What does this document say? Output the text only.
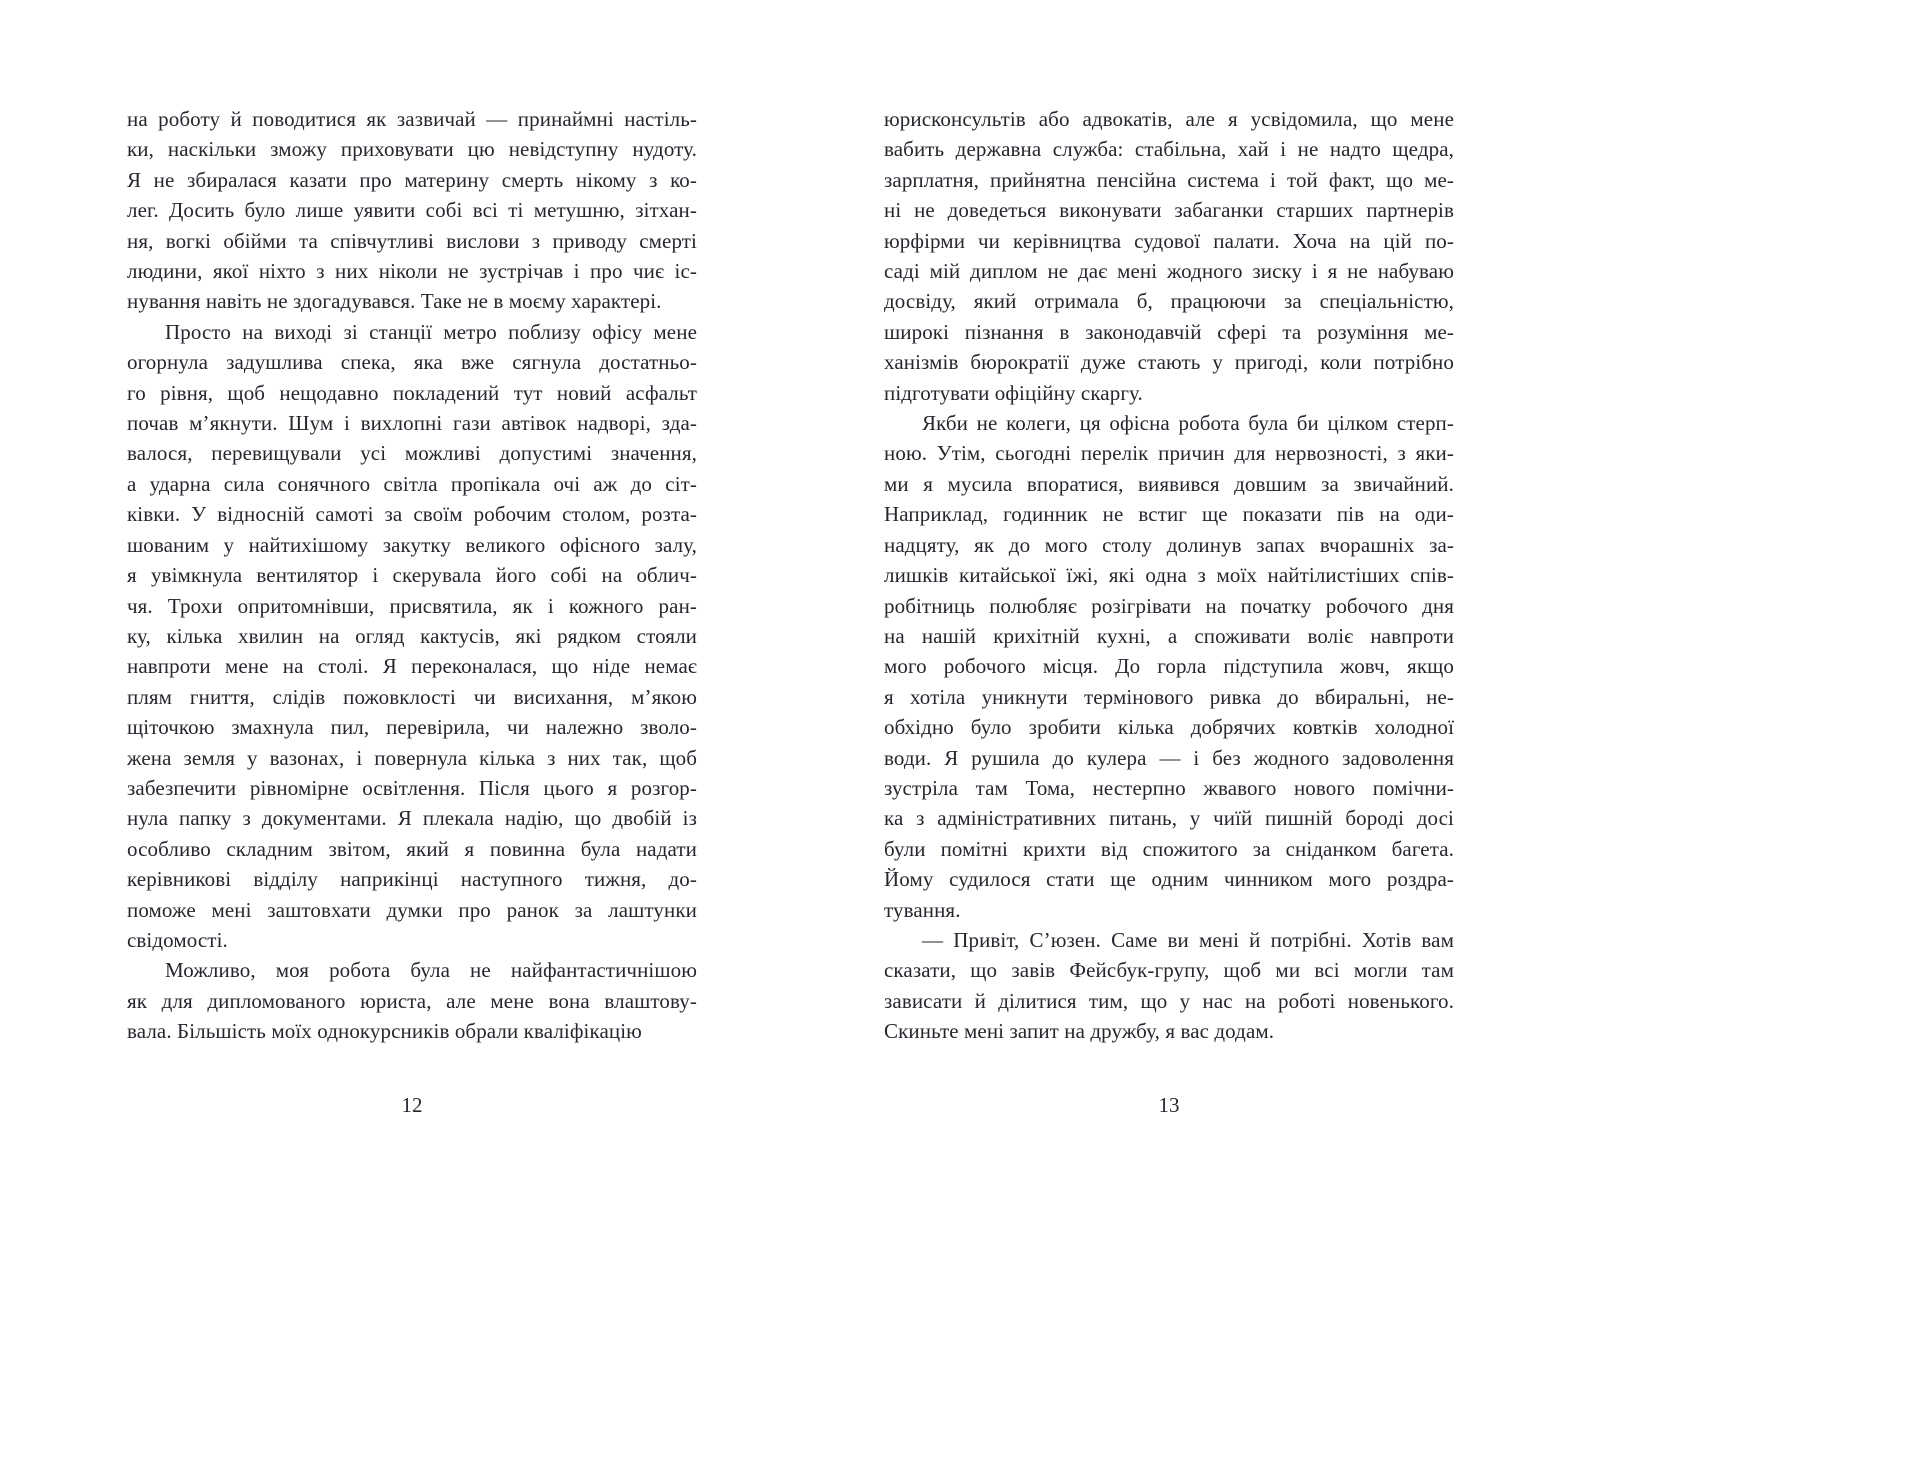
на роботу й поводитися як зазвичай — принаймні настіль-
ки, наскільки зможу приховувати цю невідступну нудоту.
Я не збиралася казати про материну смерть нікому з ко-
лег. Досить було лише уявити собі всі ті метушню, зітхан-
ня, вогкі обійми та співчутливі вислови з приводу смерті
людини, якої ніхто з них ніколи не зустрічав і про чиє іс-
нування навіть не здогадувався. Таке не в моєму характері.
Просто на виході зі станції метро поблизу офісу мене
огорнула задушлива спека, яка вже сягнула достатньо-
го рівня, щоб нещодавно покладений тут новий асфальт
почав м’якнути. Шум і вихлопні гази автівок надворі, зда-
валося, перевищували усі можливі допустимі значення,
а ударна сила сонячного світла пропікала очі аж до сіт-
ківки. У відносній самоті за своїм робочим столом, розта-
шованим у найтихішому закутку великого офісного залу,
я увімкнула вентилятор і скерувала його собі на облич-
чя. Трохи опритомнівши, присвятила, як і кожного ран-
ку, кілька хвилин на огляд кактусів, які рядком стояли
навпроти мене на столі. Я переконалася, що ніде немає
плям гниття, слідів пожовклості чи висихання, м’якою
щіточкою змахнула пил, перевірила, чи належно зволо-
жена земля у вазонах, і повернула кілька з них так, щоб
забезпечити рівномірне освітлення. Після цього я розгор-
нула папку з документами. Я плекала надію, що двобій із
особливо складним звітом, який я повинна була надати
керівникові відділу наприкінці наступного тижня, до-
поможе мені заштовхати думки про ранок за лаштунки
свідомості.
Можливо, моя робота була не найфантастичнішою
як для дипломованого юриста, але мене вона влаштову-
вала. Більшість моїх однокурсників обрали кваліфікацію
12
юрисконсультів або адвокатів, але я усвідомила, що мене
вабить державна служба: стабільна, хай і не надто щедра,
зарплатня, прийнятна пенсійна система і той факт, що ме-
ні не доведеться виконувати забаганки старших партнерів
юрфірми чи керівництва судової палати. Хоча на цій по-
саді мій диплом не дає мені жодного зиску і я не набуваю
досвіду, який отримала б, працюючи за спеціальністю,
широкі пізнання в законодавчій сфері та розуміння ме-
ханізмів бюрократії дуже стають у пригоді, коли потрібно
підготувати офіційну скаргу.
Якби не колеги, ця офісна робота була би цілком стерп-
ною. Утім, сьогодні перелік причин для нервозності, з яки-
ми я мусила впоратися, виявився довшим за звичайний.
Наприклад, годинник не встиг ще показати пів на оди-
надцяту, як до мого столу долинув запах вчорашніх за-
лишків китайської їжі, які одна з моїх найтілистіших спів-
робітниць полюбляє розігрівати на початку робочого дня
на нашій крихітній кухні, а споживати воліє навпроти
мого робочого місця. До горла підступила жовч, якщо
я хотіла уникнути термінового ривка до вбиральні, не-
обхідно було зробити кілька добрячих ковтків холодної
води. Я рушила до кулера — і без жодного задоволення
зустріла там Тома, нестерпно жвавого нового помічни-
ка з адміністративних питань, у чиїй пишній бороді досі
були помітні крихти від спожитого за сніданком багета.
Йому судилося стати ще одним чинником мого роздра-
тування.
— Привіт, С’юзен. Саме ви мені й потрібні. Хотів вам
сказати, що завів Фейсбук-групу, щоб ми всі могли там
зависати й ділитися тим, що у нас на роботі новенького.
Скиньте мені запит на дружбу, я вас додам.
13
